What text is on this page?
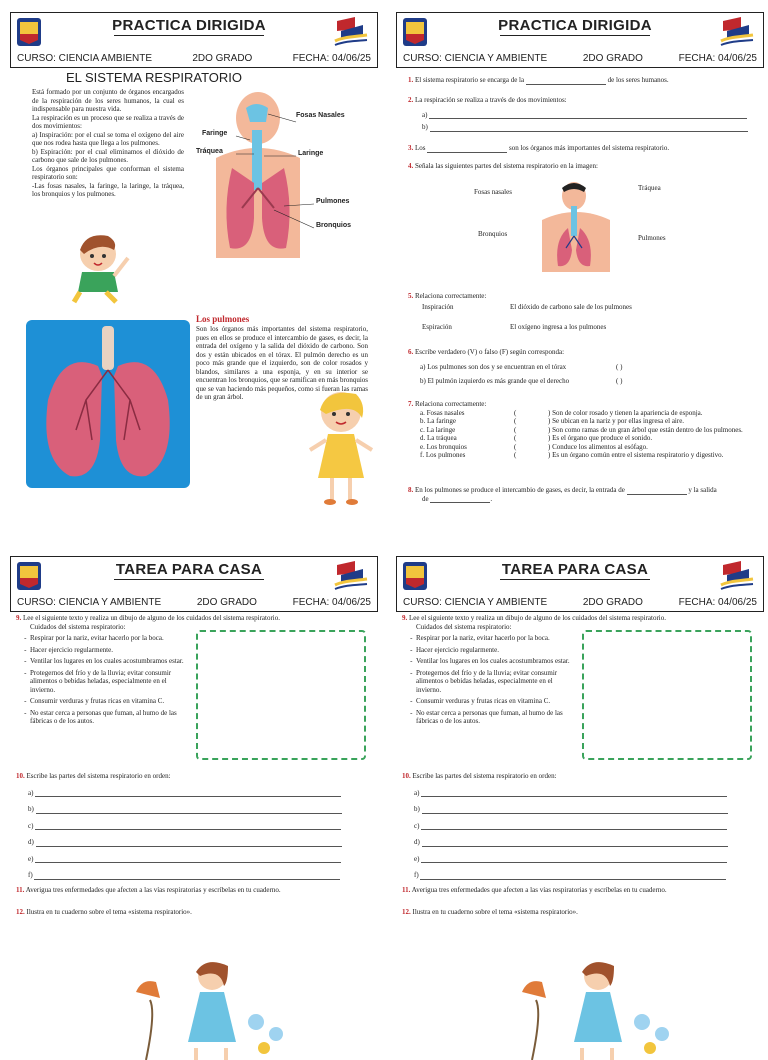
PRACTICA DIRIGIDA
CURSO: CIENCIA AMBIENTE	2DO GRADO	FECHA: 04/06/25
EL SISTEMA RESPIRATORIO
Está formado por un conjunto de órganos encargados de la respiración de los seres humanos, la cual es indispensable para nuestra vida.
La respiración es un proceso que se realiza a través de dos movimientos:
a) Inspiración: por el cual se toma el oxígeno del aire que nos rodea hasta que llega a los pulmones.
b) Espiración: por el cual eliminamos el dióxido de carbono que sale de los pulmones.
Los órganos principales que conforman el sistema respiratorio son:
-Las fosas nasales, la faringe, la laringe, la tráquea, los bronquios y los pulmones.
Fosas Nasales
Faringe
Tráquea	Laringe
Pulmones
Bronquios
Los pulmones
Son los órganos más importantes del sistema respiratorio, pues en ellos se produce el intercambio de gases, es decir, la entrada del oxígeno y la salida del dióxido de carbono. Son dos y están ubicados en el tórax. El pulmón derecho es un poco más grande que el izquierdo, son de color rosados y blandos, similares a una esponja, y en su interior se encuentran los bronquios, que se ramifican en más bronquios que se van haciendo más pequeños, como si fueran las ramas de un gran árbol.
PRACTICA DIRIGIDA
CURSO: CIENCIA Y AMBIENTE	2DO GRADO	FECHA: 04/06/25
1. El sistema respiratorio se encarga de la	de los seres humanos.
2. La respiración se realiza a través de dos movimientos:
a)
b)
3. Los	son los órganos más importantes del sistema respiratorio.
4. Señala las siguientes partes del sistema respiratorio en la imagen:
Fosas nasales	Tráquea
Bronquios	Pulmones
5. Relaciona correctamente:
Inspiración	El dióxido de carbono sale de los pulmones
Espiración	El oxígeno ingresa a los pulmones
6. Escribe verdadero (V) o falso (F) según corresponda:
a) Los pulmones son dos y se encuentran en el tórax	( )
b) El pulmón izquierdo es más grande que el derecho	( )
7. Relaciona correctamente:
a. Fosas nasales	(	) Son de color rosado y tienen la apariencia de esponja.
b. La faringe	(	) Se ubican en la nariz y por ellas ingresa el aire.
c. La laringe	(	) Son como ramas de un gran árbol que están dentro de los pulmones.
d. La tráquea	(	) Es el órgano que produce el sonido.
e. Los bronquios	(	) Conduce los alimentos al esófago.
f. Los pulmones	(	) Es un órgano común entre el sistema respiratorio y digestivo.
8. En los pulmones se produce el intercambio de gases, es decir, la entrada de	y la salida
de	.
TAREA PARA CASA
CURSO: CIENCIA Y AMBIENTE	2DO GRADO	FECHA: 04/06/25
9. Lee el siguiente texto y realiza un dibujo de alguno de los cuidados del sistema respiratorio.
Cuidados del sistema respiratorio:
- Respirar por la nariz, evitar hacerlo por la boca.
- Hacer ejercicio regularmente.
- Ventilar los lugares en los cuales acostumbramos estar.
- Protegernos del frío y de la lluvia; evitar consumir alimentos o bebidas heladas, especialmente en el invierno.
- Consumir verduras y frutas ricas en vitamina C.
- No estar cerca a personas que fuman, al humo de las fábricas o de los autos.
10. Escribe las partes del sistema respiratorio en orden:
a)
b)
c)
d)
e)
f)
11. Averigua tres enfermedades que afecten a las vías respiratorias y escríbelas en tu cuaderno.
12. Ilustra en tu cuaderno sobre el tema «sistema respiratorio».
TAREA PARA CASA
CURSO: CIENCIA Y AMBIENTE	2DO GRADO	FECHA: 04/06/25
9. Lee el siguiente texto y realiza un dibujo de alguno de los cuidados del sistema respiratorio.
Cuidados del sistema respiratorio:
- Respirar por la nariz, evitar hacerlo por la boca.
- Hacer ejercicio regularmente.
- Ventilar los lugares en los cuales acostumbramos estar.
- Protegernos del frío y de la lluvia; evitar consumir alimentos o bebidas heladas, especialmente en el invierno.
- Consumir verduras y frutas ricas en vitamina C.
- No estar cerca a personas que fuman, al humo de las fábricas o de los autos.
10. Escribe las partes del sistema respiratorio en orden:
a)
b)
c)
d)
e)
f)
11. Averigua tres enfermedades que afecten a las vías respiratorias y escríbelas en tu cuaderno.
12. Ilustra en tu cuaderno sobre el tema «sistema respiratorio».
